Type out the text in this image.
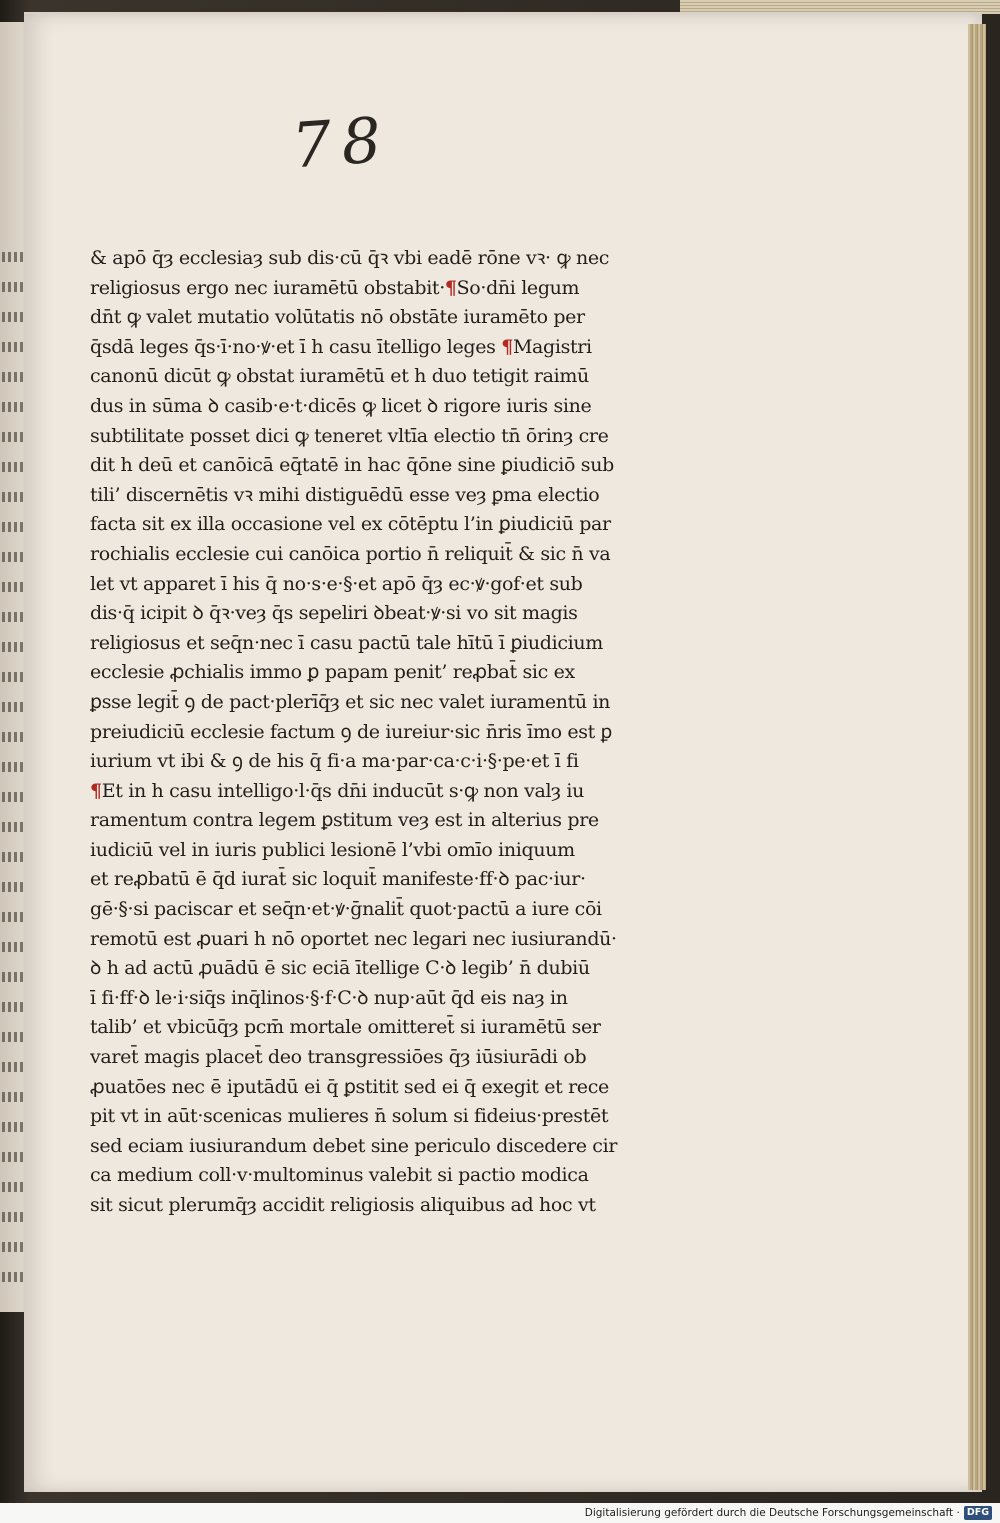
78
& apō q̄ȝ ecclesiaȝ sub dis·cū q̄ꝛ vbi eadē rōne vꝛ· ꝙ nec
religiosus ergo nec iuramētū obstabit·¶So·dn̄i legum
dn̄t ꝙ valet mutatio volūtatis nō obstāte iuramēto per
q̄sdā leges q̄s·ī·no·ꝟ·et ī h casu ītelligo leges ¶Magistri
canonū dicūt ꝙ obstat iuramētū et h duo tetigit raimū
dus in sūma ꝺ casib·e·t·dicēs ꝙ licet ꝺ rigore iuris sine
subtilitate posset dici ꝙ teneret vltīa electio tn̄ ōrinȝ cre
dit h deū et canōicā eq̄tatē in hac q̄ōne sine ꝑiudiciō sub
tili’ discernētis vꝛ mihi distiguēdū esse veȝ ꝑma electio
facta sit ex illa occasione vel ex cōtēptu l’in ꝑiudiciū par
rochialis ecclesie cui canōica portio n̄ reliquit̄ & sic n̄ va
let vt apparet ī his q̄ no·s·e·§·et apō q̄ȝ ec·ꝟ·gof·et sub
dis·q̄ icipit ꝺ q̄ꝛ·veȝ q̄s sepeliri ꝺbeat·ꝟ·si vo sit magis
religiosus et seq̄n·nec ī casu pactū tale hītū ī ꝑiudicium
ecclesie ꝓchialis immo ꝑ papam penit’ reꝓbat̄ sic ex
ꝑsse legit̄ ꝯ de pact·plerīq̄ȝ et sic nec valet iuramentū in
preiudiciū ecclesie factum ꝯ de iureiur·sic n̄ris īmo est ꝑ
iurium vt ibi & ꝯ de his q̄ fi·a ma·par·ca·c·i·§·pe·et ī fi
¶Et in h casu intelligo·l·q̄s dn̄i inducūt s·ꝙ non valȝ iu
ramentum contra legem ꝑstitum veȝ est in alterius pre
iudiciū vel in iuris publici lesionē l’vbi omīo iniquum
et reꝓbatū ē q̄d iurat̄ sic loquit̄ manifeste·ff·ꝺ pac·iur·
gē·§·si paciscar et seq̄n·et·ꝟ·ḡnalit̄ quot·pactū a iure cōi
remotū est ꝓuari h nō oportet nec legari nec iusiurandū·
ꝺ h ad actū ꝓuādū ē sic eciā ītellige C·ꝺ legib’ n̄ dubiū
ī fi·ff·ꝺ le·i·siq̄s inq̄linos·§·f·C·ꝺ nup·aūt q̄d eis naȝ in
talib’ et vbicūq̄ȝ pcm̄ mortale omitteret̄ si iuramētū ser
varet̄ magis placet̄ deo transgressiōes q̄ȝ iūsiurādi ob
ꝓuatōes nec ē iputādū ei q̄ ꝑstitit sed ei q̄ exegit et rece
pit vt in aūt·scenicas mulieres n̄ solum si fideius·prestēt
sed eciam iusiurandum debet sine periculo discedere cir
ca medium coll·v·multominus valebit si pactio modica
sit sicut plerumq̄ȝ accidit religiosis aliquibus ad hoc vt
Digitalisierung gefördert durch die Deutsche Forschungsgemeinschaft · DFG
